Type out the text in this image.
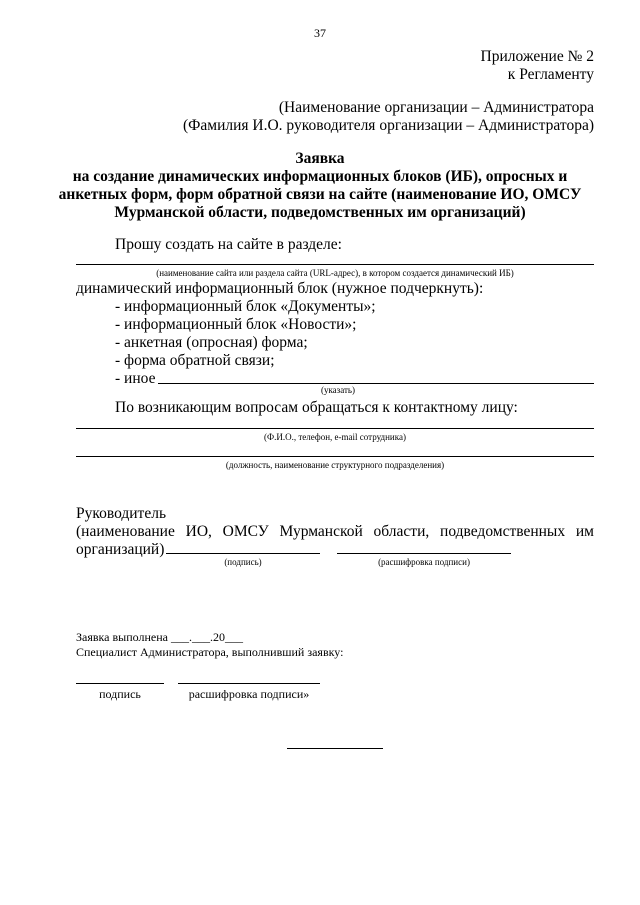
37
Приложение № 2
к Регламенту
(Наименование организации – Администратора
(Фамилия И.О. руководителя организации – Администратора)
Заявка
на создание динамических информационных блоков (ИБ), опросных и
анкетных форм, форм обратной связи на сайте (наименование ИО, ОМСУ
Мурманской области, подведомственных им организаций)
Прошу создать на сайте в разделе:
(наименование сайта или раздела сайта (URL-адрес), в котором создается динамический ИБ)
динамический информационный блок (нужное подчеркнуть):
- информационный блок «Документы»;
- информационный блок «Новости»;
- анкетная (опросная) форма;
- форма обратной связи;
- иное
(указать)
По возникающим вопросам обращаться к контактному лицу:
(Ф.И.О., телефон, e-mail сотрудника)
(должность, наименование структурного подразделения)
Руководитель
(наименование ИО, ОМСУ Мурманской области, подведомственных им
организаций)
(подпись)	(расшифровка подписи)
Заявка выполнена ___.___.20___
Специалист Администратора, выполнивший заявку:
подпись	расшифровка подписи»
